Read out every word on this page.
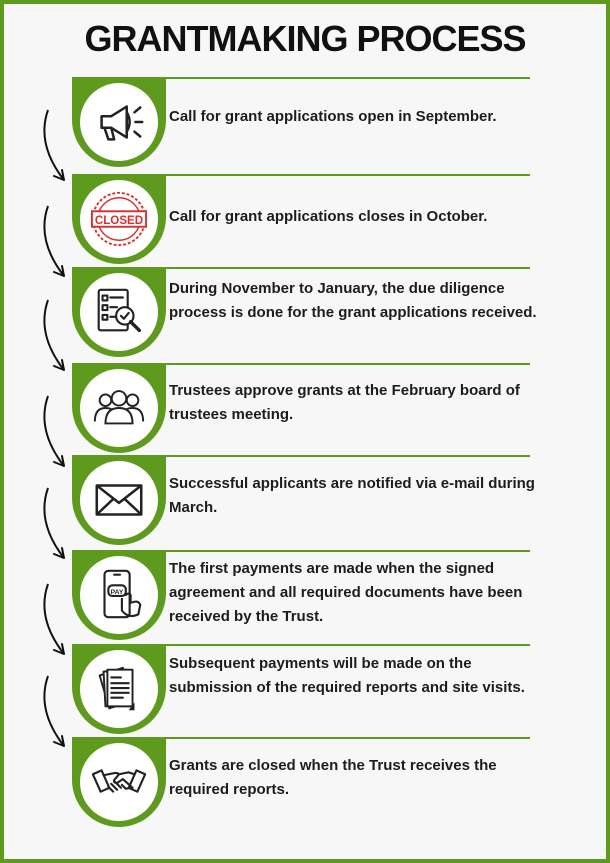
GRANTMAKING PROCESS
Call for grant applications open in September.
CLOSED Call for grant applications closes in October.
During November to January, the due diligence process is done for the grant applications received.
Trustees approve grants at the February board of trustees meeting.
Successful applicants are notified via e-mail during March.
PAY
The first payments are made when the signed agreement and all required documents have been received by the Trust.
Subsequent payments will be made on the submission of the required reports and site visits.
Grants are closed when the Trust receives the required reports.
